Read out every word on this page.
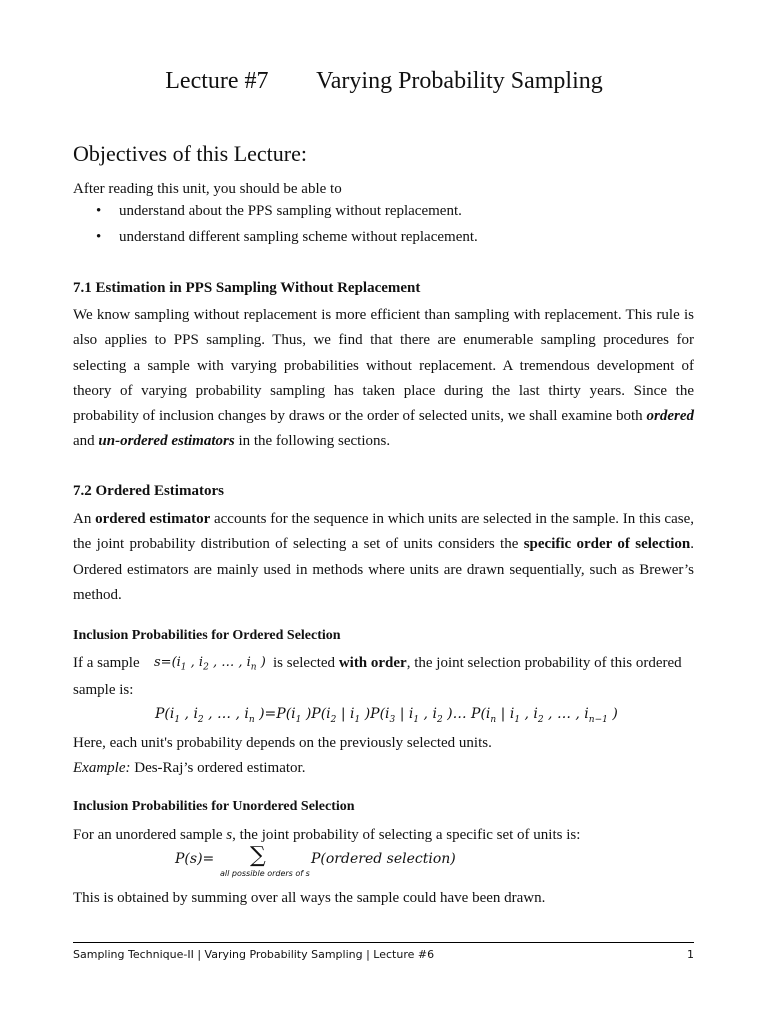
Lecture #7        Varying Probability Sampling
Objectives of this Lecture:
After reading this unit, you should be able to
• understand about the PPS sampling without replacement.
• understand different sampling scheme without replacement.
7.1 Estimation in PPS Sampling Without Replacement
We know sampling without replacement is more efficient than sampling with replacement. This rule is also applies to PPS sampling. Thus, we find that there are enumerable sampling procedures for selecting a sample with varying probabilities without replacement. A tremendous development of theory of varying probability sampling has taken place during the last thirty years. Since the probability of inclusion changes by draws or the order of selected units, we shall examine both ordered and un-ordered estimators in the following sections.
7.2 Ordered Estimators
An ordered estimator accounts for the sequence in which units are selected in the sample. In this case, the joint probability distribution of selecting a set of units considers the specific order of selection. Ordered estimators are mainly used in methods where units are drawn sequentially, such as Brewer’s method.
Inclusion Probabilities for Ordered Selection
If a sample $s=(i_1$ , $i_2$ , … , $i_n$ ) is selected with order, the joint selection probability of this ordered
sample is:
$P(i_1$ , $i_2$ , … , $i_n$ )$=P(i_1$ )$P(i_2$ | $i_1$ )$P(i_3$ | $i_1$ , $i_2$ )… $P(i_n$ | $i_1$ , $i_2$ , … , $i_{n-1}$ )
Here, each unit's probability depends on the previously selected units.
Example: Des-Raj’s ordered estimator.
Inclusion Probabilities for Unordered Selection
For an unordered sample s, the joint probability of selecting a specific set of units is:
P(s)= ∑
all possible orders of s
P(ordered selection)
This is obtained by summing over all ways the sample could have been drawn.
Sampling Technique-II | Varying Probability Sampling | Lecture #6	1
